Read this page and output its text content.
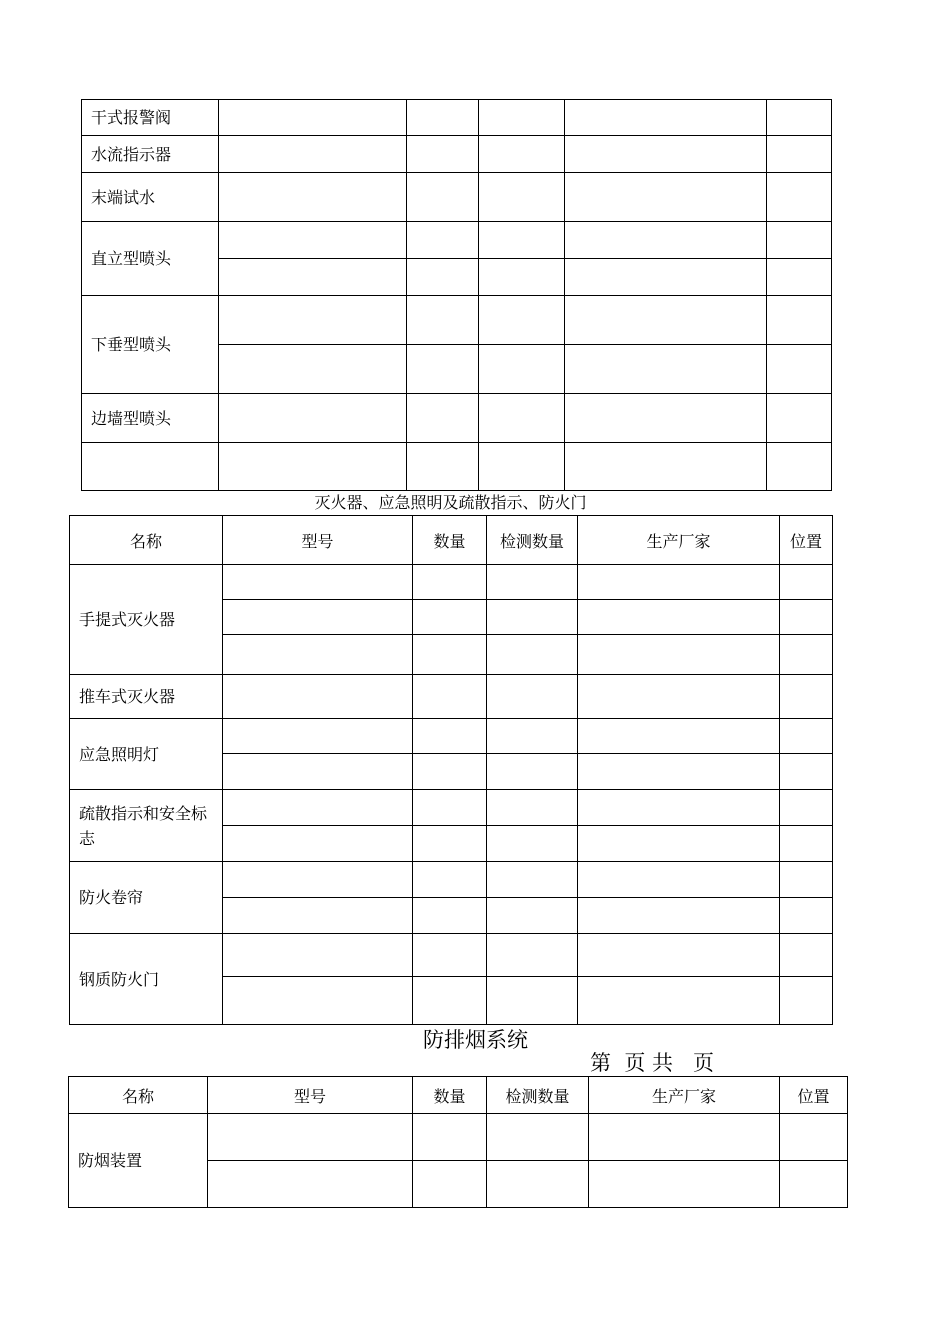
干式报警阀					
水流指示器					
末端试水					
直立型喷头					

下垂型喷头					

边墙型喷头					

灭火器、应急照明及疏散指示、防火门
名称	型号	数量	检测数量	生产厂家	位置
手提式灭火器					

推车式灭火器					
应急照明灯					

疏散指示和安全标志					

防火卷帘					

钢质防火门					

防排烟系统
第  页 共   页
名称	型号	数量	检测数量	生产厂家	位置
防烟装置					
